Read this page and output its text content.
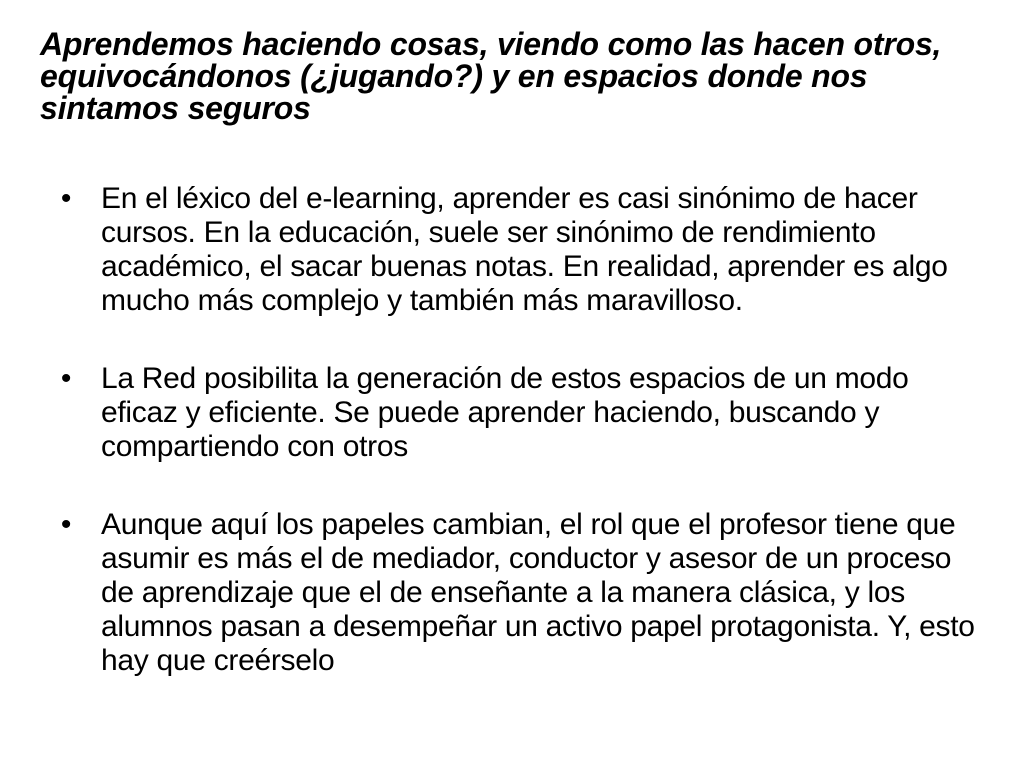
Aprendemos haciendo cosas, viendo como las hacen otros, equivocándonos (¿jugando?) y en espacios donde nos sintamos seguros
• En el léxico del e-learning, aprender es casi sinónimo de hacer cursos. En la educación, suele ser sinónimo de rendimiento académico, el sacar buenas notas. En realidad, aprender es algo mucho más complejo y también más maravilloso.
• La Red posibilita la generación de estos espacios de un modo eficaz y eficiente. Se puede aprender haciendo, buscando y compartiendo con otros
• Aunque aquí los papeles cambian, el rol que el profesor tiene que asumir es más el de mediador, conductor y asesor de un proceso de aprendizaje que el de enseñante a la manera clásica, y los alumnos pasan a desempeñar un activo papel protagonista. Y, esto hay que creérselo
